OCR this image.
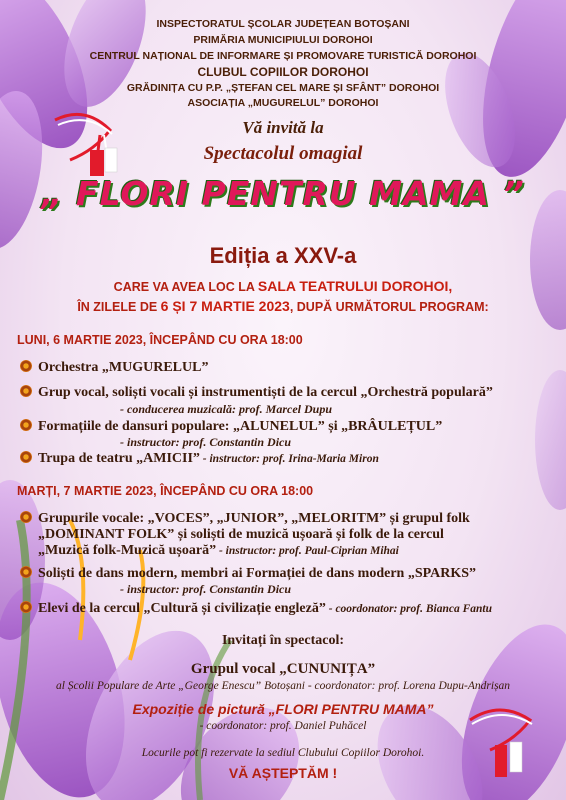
INSPECTORATUL ȘCOLAR JUDEȚEAN BOTOȘANI
PRIMĂRIA MUNICIPIULUI DOROHOI
CENTRUL NAȚIONAL DE INFORMARE ȘI PROMOVARE TURISTICĂ DOROHOI
CLUBUL COPIILOR DOROHOI
GRĂDINIȚA CU P.P. „ȘTEFAN CEL MARE ȘI SFÂNT” DOROHOI
ASOCIAȚIA „MUGURELUL” DOROHOI
Vă invită la
Spectacolul omagial
„ FLORI PENTRU MAMA ”
Ediția a XXV-a
CARE VA AVEA LOC LA SALA TEATRULUI DOROHOI,
ÎN ZILELE DE 6 ȘI 7 MARTIE 2023, DUPĂ URMĂTORUL PROGRAM:
LUNI, 6 MARTIE 2023, ÎNCEPÂND CU ORA 18:00
Orchestra „MUGURELUL”
Grup vocal, soliști vocali și instrumentiști de la cercul „Orchestră populară”
- conducerea muzicală: prof. Marcel Dupu
Formațiile de dansuri populare: „ALUNELUL” și „BRÂULEȚUL”
- instructor: prof. Constantin Dicu
Trupa de teatru „AMICII” - instructor: prof. Irina-Maria Miron
MARȚI, 7 MARTIE 2023, ÎNCEPÂND CU ORA 18:00
Grupurile vocale: „VOCES”, „JUNIOR”, „MELORITM” și grupul folk
„DOMINANT FOLK” și soliști de muzică ușoară și folk de la cercul
„Muzică folk-Muzică ușoară” - instructor: prof. Paul-Ciprian Mihai
Soliști de dans modern, membri ai Formației de dans modern „SPARKS”
- instructor: prof. Constantin Dicu
Elevi de la cercul „Cultură și civilizație engleză” - coordonator: prof. Bianca Fantu
Invitați în spectacol:
Grupul vocal „CUNUNIȚA”
al Școlii Populare de Arte „George Enescu” Botoșani - coordonator: prof. Lorena Dupu-Andrișan
Expoziție de pictură „FLORI PENTRU MAMA”
- coordonator: prof. Daniel Puhăcel
Locurile pot fi rezervate la sediul Clubului Copiilor Dorohoi.
VĂ AȘTEPTĂM !
